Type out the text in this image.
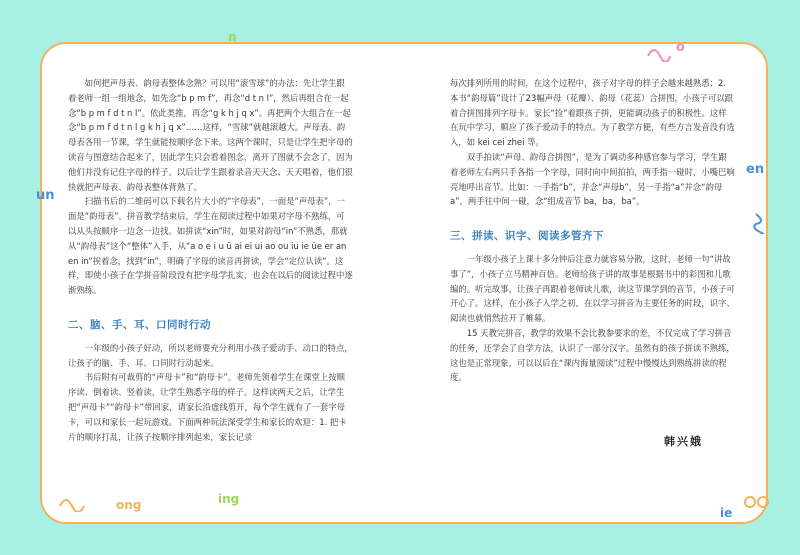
n
o
un
en
ong	ing
ie

如何把声母表、韵母表整体念熟？可以用“滚雪球”的办法：先让学生跟着老师一组一组地念，如先念“b p m f”，再念“d t n l”，然后再组合在一起念“b p m f d t n l”。依此类推，再念“g k h j q x”。再把两个大组合在一起念“b p m f d t n l g k h j q x”……这样，“雪球”就越滚越大。声母表、韵母表各用一节课，学生就能按顺序念下来。这两个课时，只是让学生把字母的读音与图意结合起来了，因此学生只会看着图念，离开了图就不会念了，因为他们并没有记住字母的样子。以后让学生跟着录音天天念、天天唱着，他们很快就把声母表、韵母表整体背熟了。

扫描书后的二维码可以下载名片大小的“字母表”，一面是“声母表”，一面是“韵母表”。拼音教学结束后，学生在阅读过程中如果对字母不熟练，可以从头按顺序一边念一边找。如拼读“xin”时，如果对韵母“in”不熟悉，那就从“韵母表”这个“整体”入手，从“a o e i u ü ai ei ui ao ou iu ie üe er an en in”挨着念，找到“in”，明确了字母的读音再拼读，学会“定位认读”。这样，即使小孩子在学拼音阶段没有把字母学扎实，也会在以后的阅读过程中逐渐熟练。

二、脑、手、耳、口同时行动

一年级的小孩子好动，所以老师要充分利用小孩子爱动手、动口的特点，让孩子的脑、手、耳、口同时行动起来。

书后附有可裁剪的“声母卡”和“韵母卡”。老师先领着学生在课堂上按顺序读、倒着读、竖着读，让学生熟悉字母的样子。这样读两天之后，让学生把“声母卡”“韵母卡”带回家，请家长沿虚线剪开，每个学生就有了一套字母卡，可以和家长一起玩游戏。下面两种玩法深受学生和家长的欢迎：1. 把卡片的顺序打乱，让孩子按顺序排列起来，家长记录

每次排列所用的时间，在这个过程中，孩子对字母的样子会越来越熟悉；2. 本书“韵母篇”设计了23幅声母（花瓣）、韵母（花蕊）合拼图，小孩子可以跟着合拼图排列字母卡。家长“捡”着跟孩子拼，更能调动孩子的积极性。这样在玩中学习，顺应了孩子爱动手的特点。为了教学方便，有些方言发音没有选入，如 kei cei zhei 等。

双手拍读“声母、韵母合拼图”，是为了调动多种感官参与学习，学生跟着老师左右两只手各指一个字母，同时向中间拍拍，两手指一碰时，小嘴巴响亮地呼出音节。比如：一手指“b”，并念“声母b”，另一手指“a”并念“韵母 a”，两手往中间一碰，念“组成音节 ba，ba，ba”。

三、拼读、识字、阅读多管齐下

一年级小孩子上课十多分钟后注意力就容易分散，这时，老师一句“讲故事了”，小孩子立马精神百倍。老师给孩子讲的故事是根据书中的彩图和儿歌编的。听完故事，让孩子再跟着老师读儿歌，读这节课学到的音节，小孩子可开心了。这样，在小孩子入学之初，在以学习拼音为主要任务的时段，识字、阅读也就悄然拉开了帷幕。

15 天教完拼音，教学的效果不会比教参要求的差，不仅完成了学习拼音的任务，还学会了自学方法，认识了一部分汉字。虽然有的孩子拼读不熟练，这也是正常现象，可以以后在“课内海量阅读”过程中慢慢达到熟练拼读的程度。

韩兴娥
